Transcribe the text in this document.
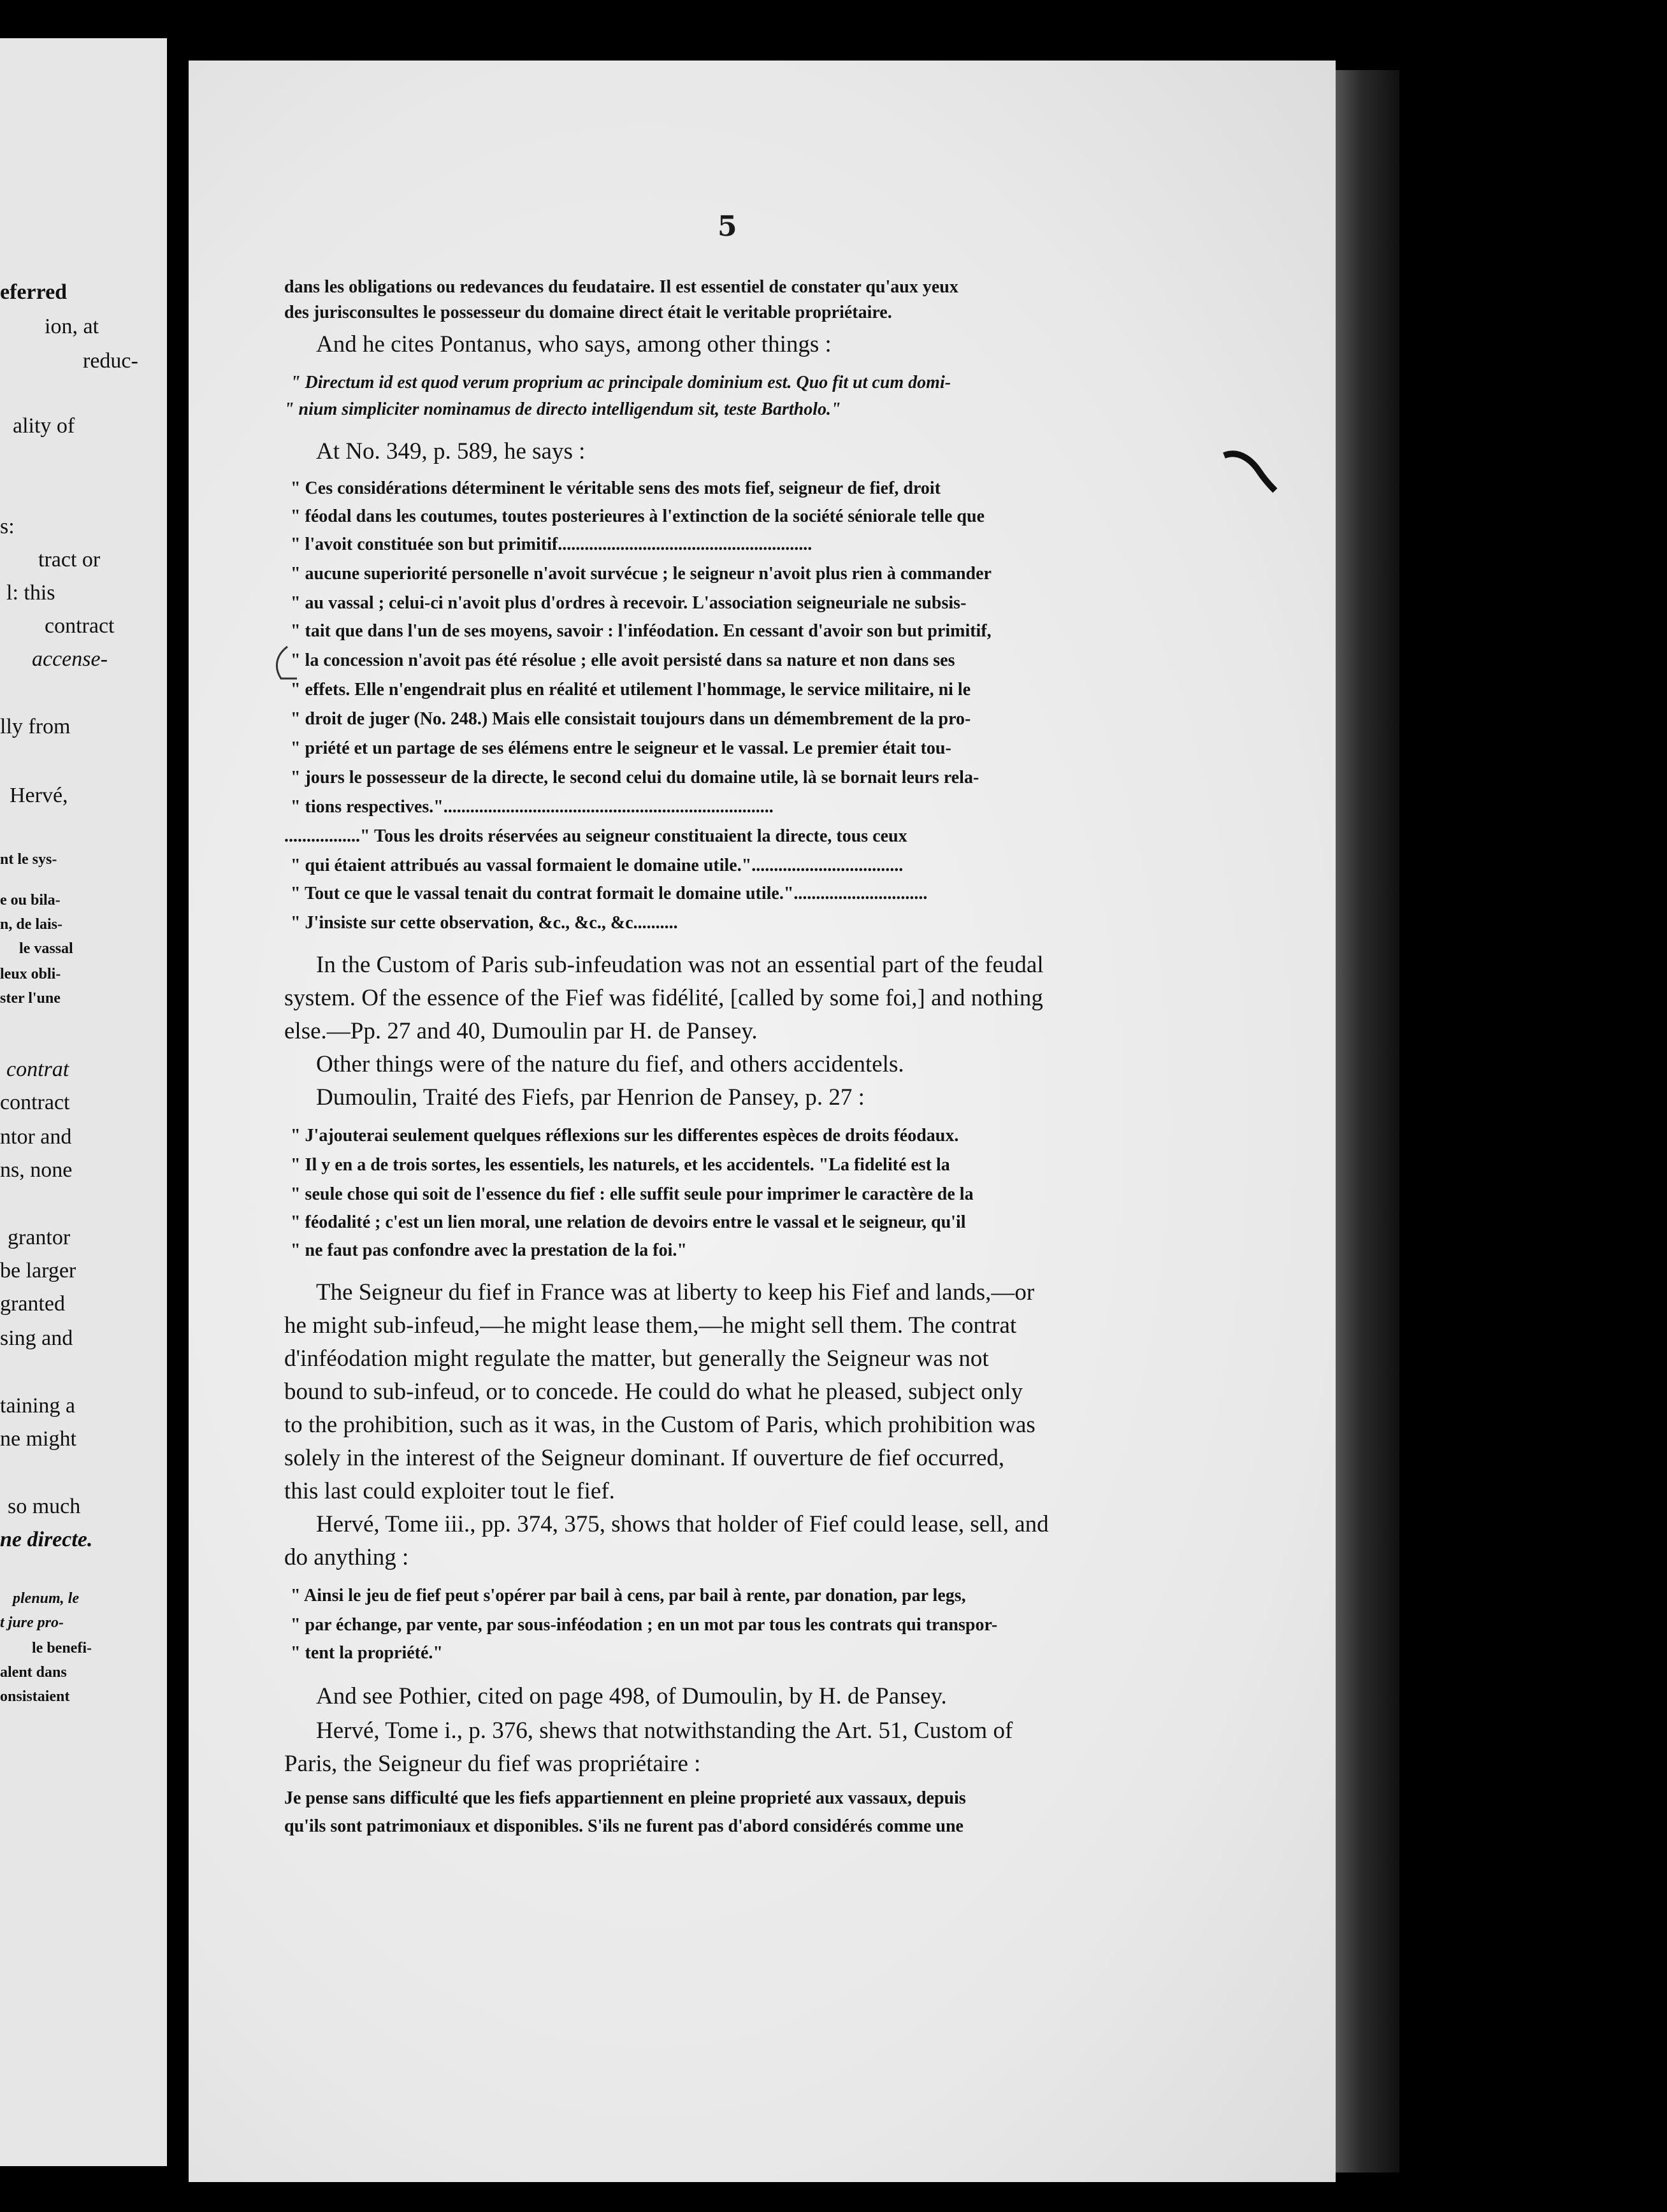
eferred
ion, at
reduc-
ality of
s:
tract or
l: this
contract
accense-
lly from
Hervé,
nt le sys-
e ou bila-
n, de lais-
le vassal
leux obli-
ster l'une
contrat
contract
ntor and
ns, none
grantor
be larger
granted
sing and
taining a
ne might
so much
ne directe.
plenum, le
t jure pro-
le benefi-
alent dans
onsistaient
5
dans les obligations ou redevances du feudataire. Il est essentiel de constater qu'aux yeux
des jurisconsultes le possesseur du domaine direct était le veritable propriétaire.
And he cites Pontanus, who says, among other things :
" Directum id est quod verum proprium ac principale dominium est. Quo fit ut cum domi-
" nium simpliciter nominamus de directo intelligendum sit, teste Bartholo."
At No. 349, p. 589, he says :
" Ces considérations déterminent le véritable sens des mots fief, seigneur de fief, droit
" féodal dans les coutumes, toutes posterieures à l'extinction de la société séniorale telle que
" l'avoit constituée son but primitif.........................................................
" aucune superiorité personelle n'avoit survécue ; le seigneur n'avoit plus rien à commander
" au vassal ; celui-ci n'avoit plus d'ordres à recevoir. L'association seigneuriale ne subsis-
" tait que dans l'un de ses moyens, savoir : l'inféodation. En cessant d'avoir son but primitif,
" la concession n'avoit pas été résolue ; elle avoit persisté dans sa nature et non dans ses
" effets. Elle n'engendrait plus en réalité et utilement l'hommage, le service militaire, ni le
" droit de juger (No. 248.) Mais elle consistait toujours dans un démembrement de la pro-
" priété et un partage de ses élémens entre le seigneur et le vassal. Le premier était tou-
" jours le possesseur de la directe, le second celui du domaine utile, là se bornait leurs rela-
" tions respectives."..........................................................................
................." Tous les droits réservées au seigneur constituaient la directe, tous ceux
" qui étaient attribués au vassal formaient le domaine utile."..................................
" Tout ce que le vassal tenait du contrat formait le domaine utile."..............................
" J'insiste sur cette observation, &c., &c., &c..........
In the Custom of Paris sub-infeudation was not an essential part of the feudal
system. Of the essence of the Fief was fidélité, [called by some foi,] and nothing
else.—Pp. 27 and 40, Dumoulin par H. de Pansey.
Other things were of the nature du fief, and others accidentels.
Dumoulin, Traité des Fiefs, par Henrion de Pansey, p. 27 :
" J'ajouterai seulement quelques réflexions sur les differentes espèces de droits féodaux.
" Il y en a de trois sortes, les essentiels, les naturels, et les accidentels. "La fidelité est la
" seule chose qui soit de l'essence du fief : elle suffit seule pour imprimer le caractère de la
" féodalité ; c'est un lien moral, une relation de devoirs entre le vassal et le seigneur, qu'il
" ne faut pas confondre avec la prestation de la foi."
The Seigneur du fief in France was at liberty to keep his Fief and lands,—or
he might sub-infeud,—he might lease them,—he might sell them. The contrat
d'inféodation might regulate the matter, but generally the Seigneur was not
bound to sub-infeud, or to concede. He could do what he pleased, subject only
to the prohibition, such as it was, in the Custom of Paris, which prohibition was
solely in the interest of the Seigneur dominant. If ouverture de fief occurred,
this last could exploiter tout le fief.
Hervé, Tome iii., pp. 374, 375, shows that holder of Fief could lease, sell, and
do anything :
" Ainsi le jeu de fief peut s'opérer par bail à cens, par bail à rente, par donation, par legs,
" par échange, par vente, par sous-inféodation ; en un mot par tous les contrats qui transpor-
" tent la propriété."
And see Pothier, cited on page 498, of Dumoulin, by H. de Pansey.
Hervé, Tome i., p. 376, shews that notwithstanding the Art. 51, Custom of
Paris, the Seigneur du fief was propriétaire :
Je pense sans difficulté que les fiefs appartiennent en pleine proprieté aux vassaux, depuis
qu'ils sont patrimoniaux et disponibles. S'ils ne furent pas d'abord considérés comme une
